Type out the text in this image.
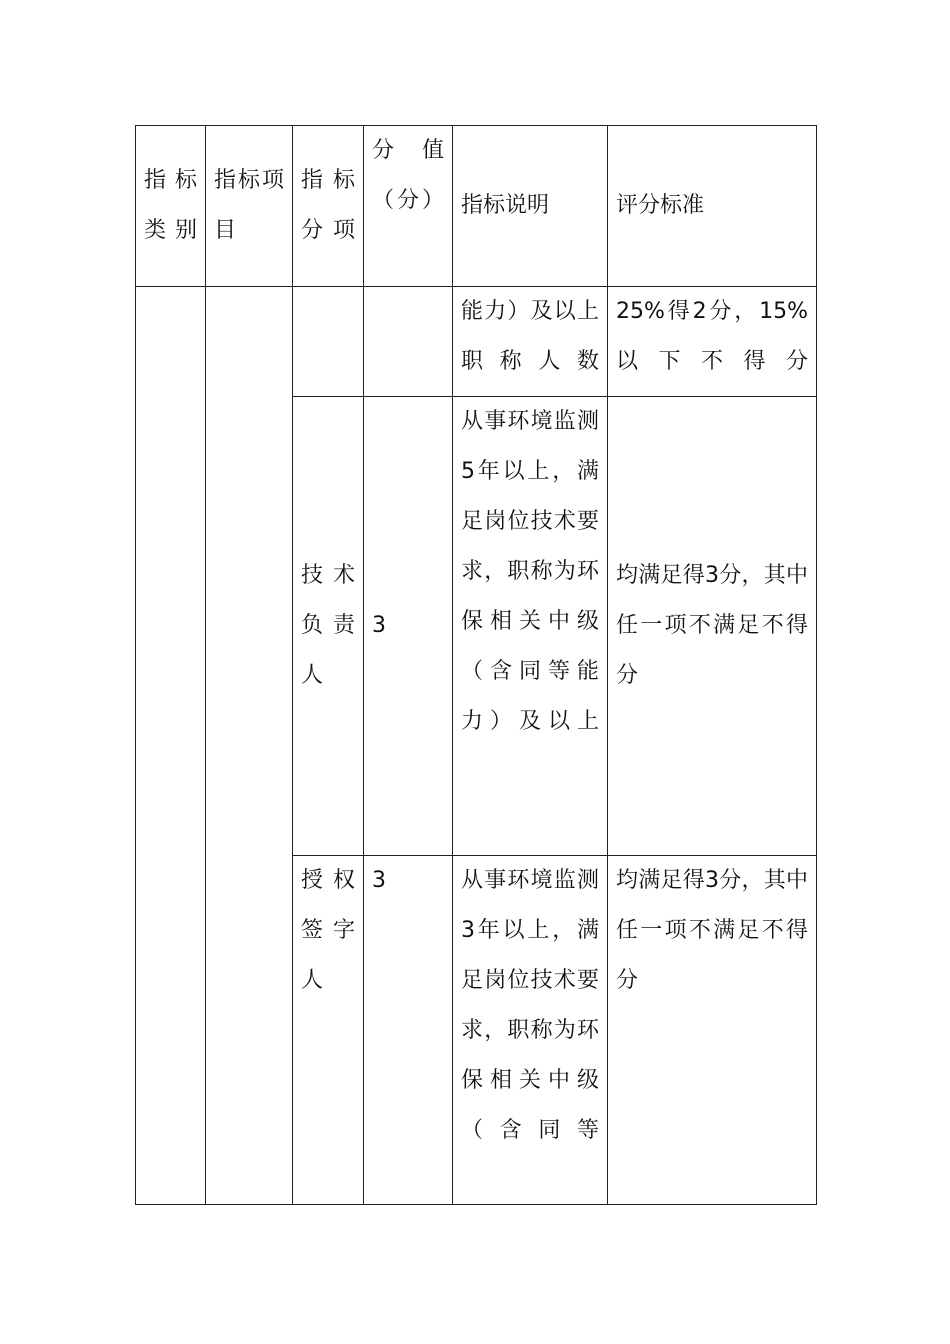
指标类别	指标项目	指标分项	分值（分）	指标说明	评分标准

				能力）及以上职称人数	25%得2分，15%以下不得分

		技术负责人	3	从事环境监测5年以上，满足岗位技术要求，职称为环保相关中级（含同等能力）及以上	均满足得3分，其中任一项不满足不得分

		授权签字人	3	从事环境监测3年以上，满足岗位技术要求，职称为环保相关中级（含同等	均满足得3分，其中任一项不满足不得分
